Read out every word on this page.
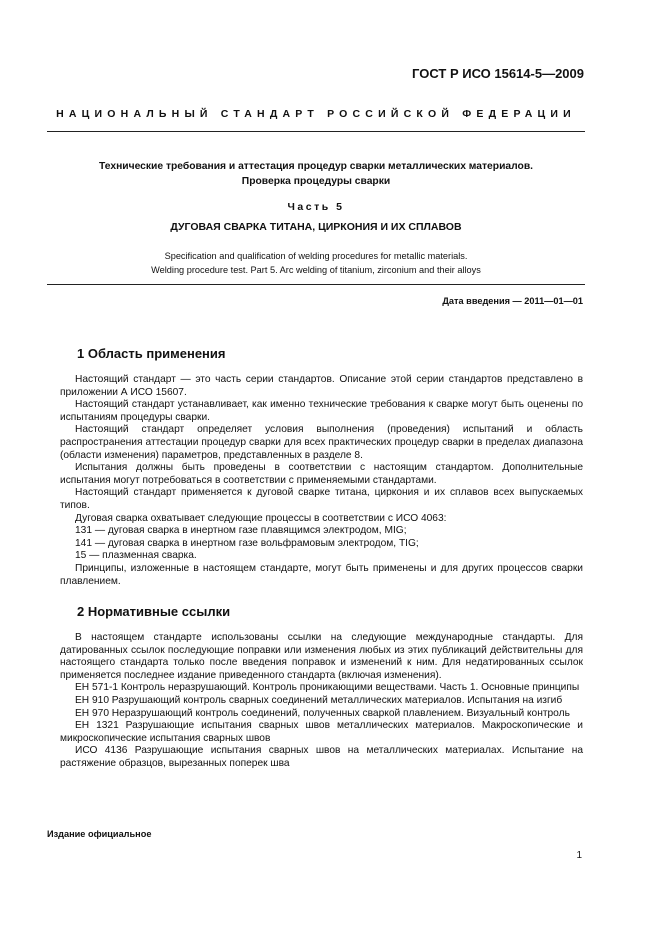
ГОСТ Р ИСО 15614-5—2009
НАЦИОНАЛЬНЫЙ СТАНДАРТ РОССИЙСКОЙ ФЕДЕРАЦИИ
Технические требования и аттестация процедур сварки металлических материалов.
Проверка процедуры сварки
Часть 5
ДУГОВАЯ СВАРКА ТИТАНА, ЦИРКОНИЯ И ИХ СПЛАВОВ
Specification and qualification of welding procedures for metallic materials.
Welding procedure test. Part 5. Arc welding of titanium, zirconium and their alloys
Дата введения — 2011—01—01
1 Область применения

Настоящий стандарт — это часть серии стандартов. Описание этой серии стандартов представлено в приложении А ИСО 15607.

Настоящий стандарт устанавливает, как именно технические требования к сварке могут быть оценены по испытаниям процедуры сварки.

Настоящий стандарт определяет условия выполнения (проведения) испытаний и область распространения аттестации процедур сварки для всех практических процедур сварки в пределах диапазона (области изменения) параметров, представленных в разделе 8.

Испытания должны быть проведены в соответствии с настоящим стандартом. Дополнительные испытания могут потребоваться в соответствии с применяемыми стандартами.

Настоящий стандарт применяется к дуговой сварке титана, циркония и их сплавов всех выпускаемых типов.

Дуговая сварка охватывает следующие процессы в соответствии с ИСО 4063:

131 — дуговая сварка в инертном газе плавящимся электродом, MIG;

141 — дуговая сварка в инертном газе вольфрамовым электродом, TIG;

15 — плазменная сварка.

Принципы, изложенные в настоящем стандарте, могут быть применены и для других процессов сварки плавлением.

2 Нормативные ссылки

В настоящем стандарте использованы ссылки на следующие международные стандарты. Для датированных ссылок последующие поправки или изменения любых из этих публикаций действительны для настоящего стандарта только после введения поправок и изменений к ним. Для недатированных ссылок применяется последнее издание приведенного стандарта (включая изменения).

ЕН 571-1 Контроль неразрушающий. Контроль проникающими веществами. Часть 1. Основные принципы

ЕН 910 Разрушающий контроль сварных соединений металлических материалов. Испытания на изгиб

ЕН 970 Неразрушающий контроль соединений, полученных сваркой плавлением. Визуальный контроль

ЕН 1321 Разрушающие испытания сварных швов металлических материалов. Макроскопические и микроскопические испытания сварных швов

ИСО 4136 Разрушающие испытания сварных швов на металлических материалах. Испытание на растяжение образцов, вырезанных поперек шва

Издание официальное
1
